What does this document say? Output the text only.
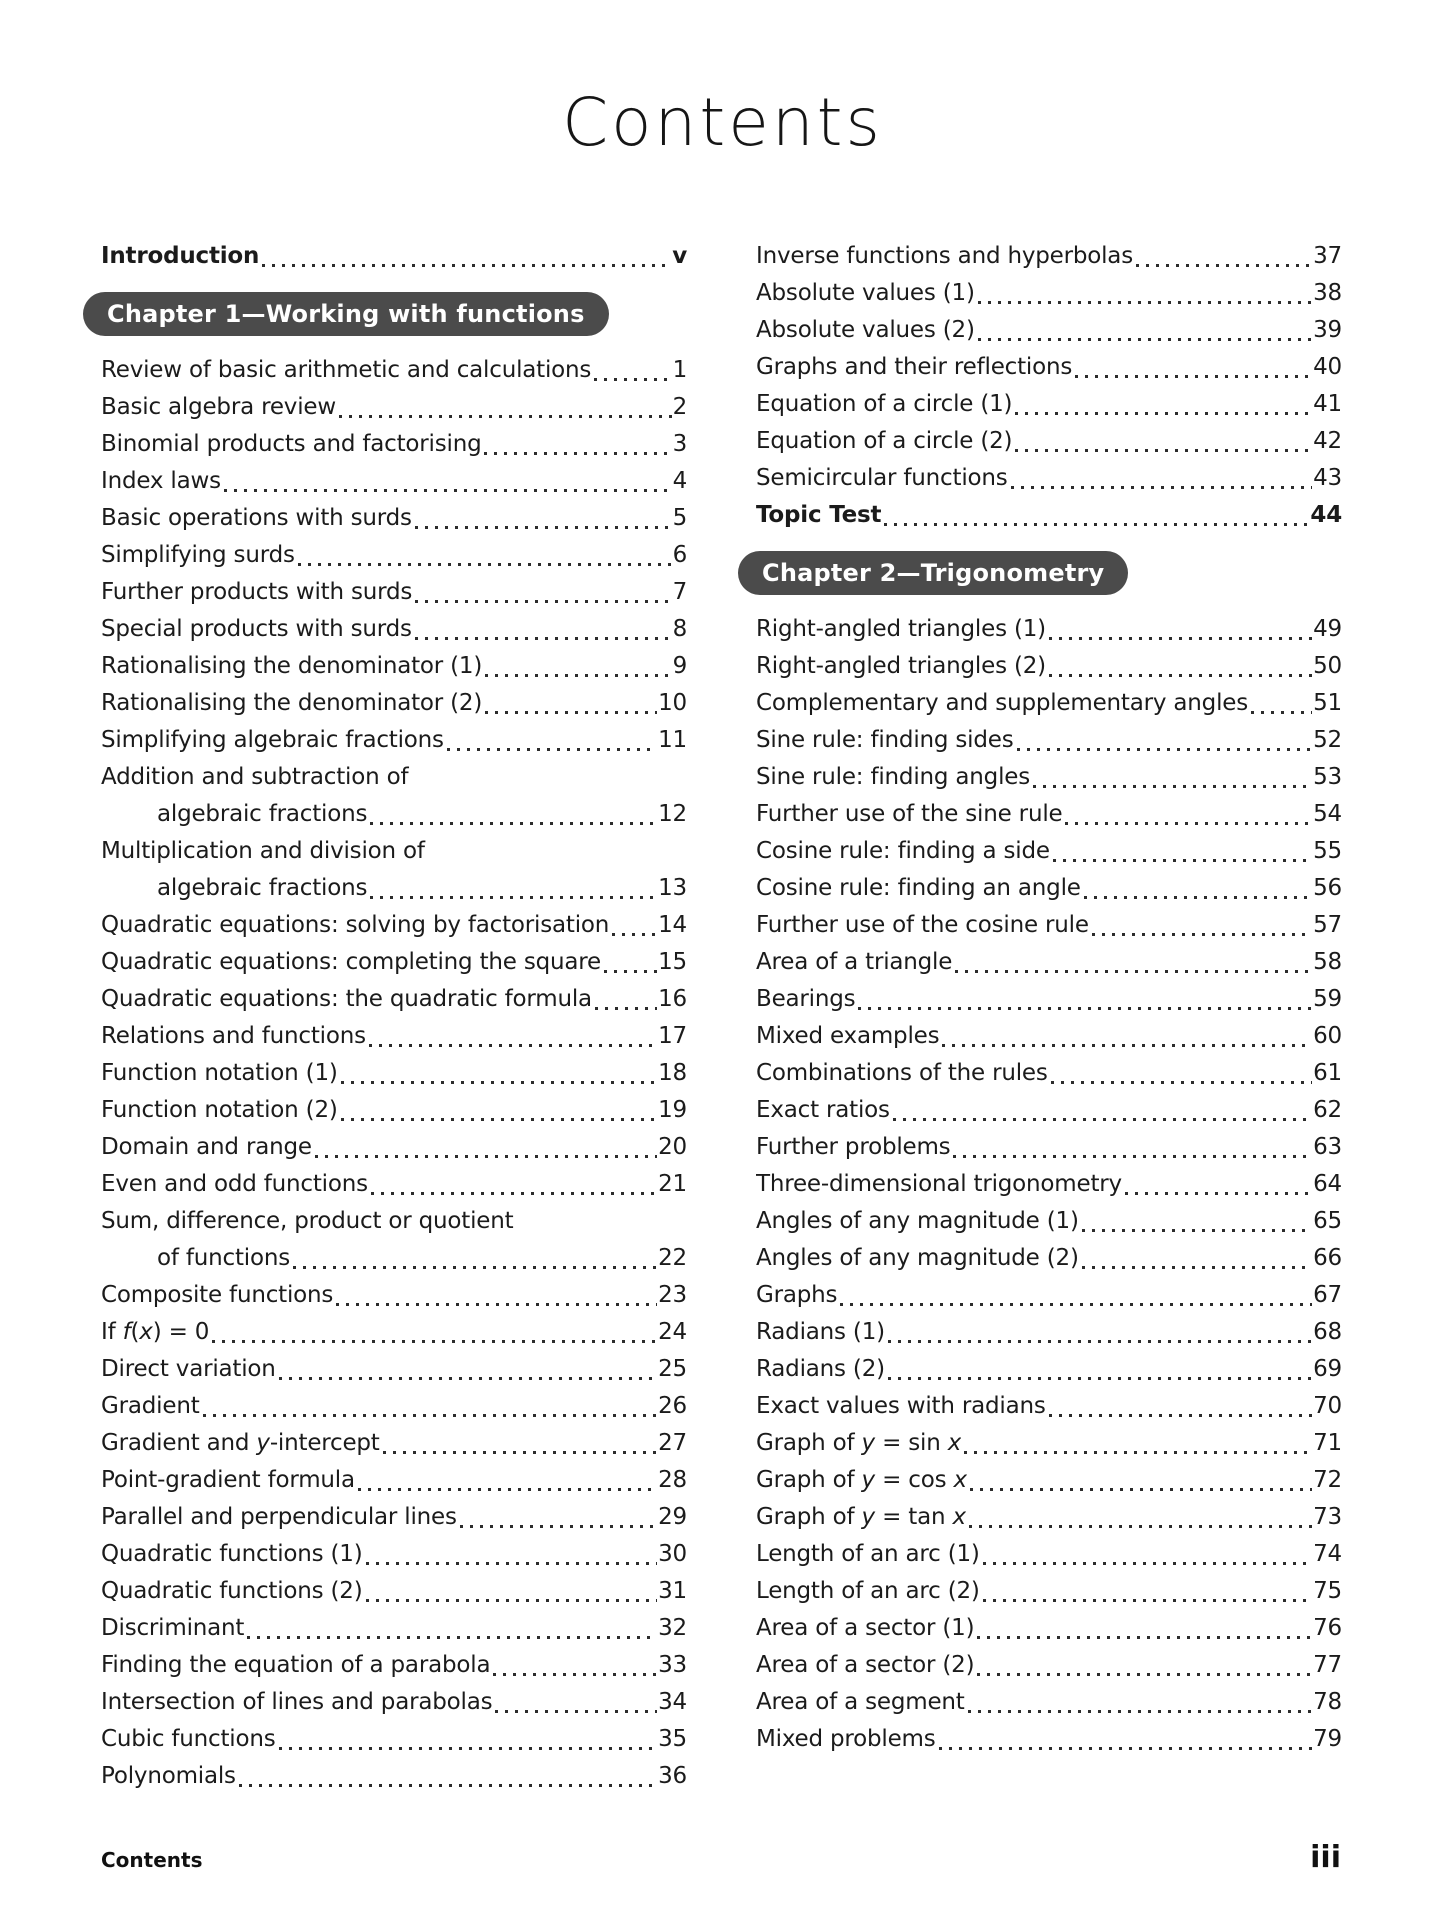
Contents
Introduction	v
Chapter 1—Working with functions
Review of basic arithmetic and calculations	1
Basic algebra review	2
Binomial products and factorising	3
Index laws	4
Basic operations with surds	5
Simplifying surds	6
Further products with surds	7
Special products with surds	8
Rationalising the denominator (1)	9
Rationalising the denominator (2)	10
Simplifying algebraic fractions	11
Addition and subtraction of
algebraic fractions	12
Multiplication and division of
algebraic fractions	13
Quadratic equations: solving by factorisation 14
Quadratic equations: completing the square 15
Quadratic equations: the quadratic formula	16
Relations and functions	17
Function notation (1)	18
Function notation (2)	19
Domain and range	20
Even and odd functions	21
Sum, difference, product or quotient
of functions	22
Composite functions	23
If f(x) = 0	24
Direct variation	25
Gradient	26
Gradient and y-intercept	27
Point-gradient formula	28
Parallel and perpendicular lines	29
Quadratic functions (1)	30
Quadratic functions (2)	31
Discriminant	32
Finding the equation of a parabola	33
Intersection of lines and parabolas	34
Cubic functions	35
Polynomials	36
Inverse functions and hyperbolas	37
Absolute values (1)	38
Absolute values (2)	39
Graphs and their reflections	40
Equation of a circle (1)	41
Equation of a circle (2)	42
Semicircular functions	43
Topic Test	44
Chapter 2—Trigonometry
Right-angled triangles (1)	49
Right-angled triangles (2)	50
Complementary and supplementary angles	51
Sine rule: finding sides	52
Sine rule: finding angles	53
Further use of the sine rule	54
Cosine rule: finding a side	55
Cosine rule: finding an angle	56
Further use of the cosine rule	57
Area of a triangle	58
Bearings	59
Mixed examples	60
Combinations of the rules	61
Exact ratios	62
Further problems	63
Three-dimensional trigonometry	64
Angles of any magnitude (1)	65
Angles of any magnitude (2)	66
Graphs	67
Radians (1)	68
Radians (2)	69
Exact values with radians	70
Graph of y = sin x	71
Graph of y = cos x	72
Graph of y = tan x	73
Length of an arc (1)	74
Length of an arc (2)	75
Area of a sector (1)	76
Area of a sector (2)	77
Area of a segment	78
Mixed problems	79
Contents	iii
